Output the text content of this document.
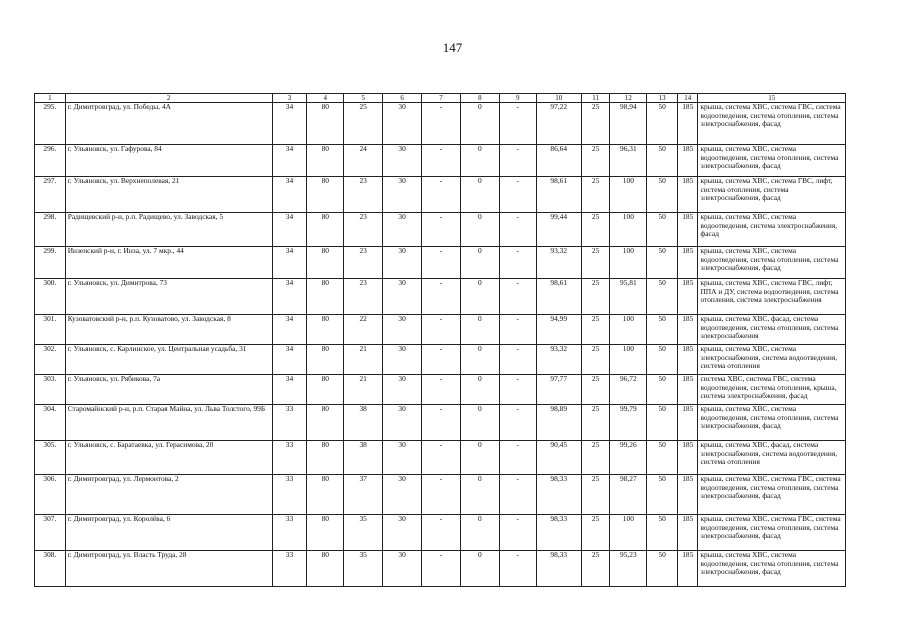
147
1	2	3	4	5	6	7	8	9	10	11	12	13	14	15
295.	г. Димитровград, ул. Победы, 4А	34	80	25	30	-	0	-	97,22	25	98,94	50	185	крыша, система ХВС, система ГВС, система водоотведения, система отопления, система электроснабжения, фасад
296.	г. Ульяновск, ул. Гафурова, 84	34	80	24	30	-	0	-	86,64	25	96,31	50	185	крыша, система ХВС, система водоотведения, система отопления, система электроснабжения, фасад
297.	г. Ульяновск, ул. Верхнеполевая, 21	34	80	23	30	-	0	-	98,61	25	100	50	185	крыша, система ХВС, система ГВС, лифт, система отопления, система электроснабжения, фасад
298.	Радищевский р-н, р.п. Радищево, ул. Заводская, 5	34	80	23	30	-	0	-	99,44	25	100	50	185	крыша, система ХВС, система водоотведения, система электроснабжения, фасад
299.	Инзенский р-н, г. Инза, ул. 7 мкр., 44	34	80	23	30	-	0	-	93,32	25	100	50	185	крыша, система ХВС, система водоотведения, система отопления, система электроснабжения, фасад
300.	г. Ульяновск, ул. Димитрова, 73	34	80	23	30	-	0	-	98,61	25	95,81	50	185	крыша, система ХВС, система ГВС, лифт, ППА и ДУ, система водоотведения, система отопления, система электроснабжения
301.	Кузоватовский р-н, р.п. Кузоватово, ул. Заводская, 8	34	80	22	30	-	0	-	94,99	25	100	50	185	крыша, система ХВС, фасад, система водоотведения, система отопления, система электроснабжения
302.	г. Ульяновск, с. Карлинское, ул. Центральная усадьба, 31	34	80	21	30	-	0	-	93,32	25	100	50	185	крыша, система ХВС, система электроснабжения, система водоотведения, система отопления
303.	г. Ульяновск, ул. Рябикова, 7а	34	80	21	30	-	0	-	97,77	25	96,72	50	185	система ХВС, система ГВС, система водоотведения, система отопления, крыша, система электроснабжения, фасад
304.	Старомайнский р-н, р.п. Старая Майна, ул. Льва Толстого, 99Б	33	80	38	30	-	0	-	98,89	25	99,79	50	185	крыша, система ХВС, система водоотведения, система отопления, система электроснабжения, фасад
305.	г. Ульяновск, с. Баратаевка, ул. Герасимова, 20	33	80	38	30	-	0	-	90,45	25	99,26	50	185	крыша, система ХВС, фасад, система электроснабжения, система водоотведения, система отопления
306.	г. Димитровград, ул. Лермонтова, 2	33	80	37	30	-	0	-	98,33	25	98,27	50	185	крыша, система ХВС, система ГВС, система водоотведения, система отопления, система электроснабжения, фасад
307.	г. Димитровград, ул. Королёва, 6	33	80	35	30	-	0	-	98,33	25	100	50	185	крыша, система ХВС, система ГВС, система водоотведения, система отопления, система электроснабжения, фасад
308.	г. Димитровград, ул. Власть Труда, 28	33	80	35	30	-	0	-	98,33	25	95,23	50	185	крыша, система ХВС, система водоотведения, система отопления, система электроснабжения, фасад
